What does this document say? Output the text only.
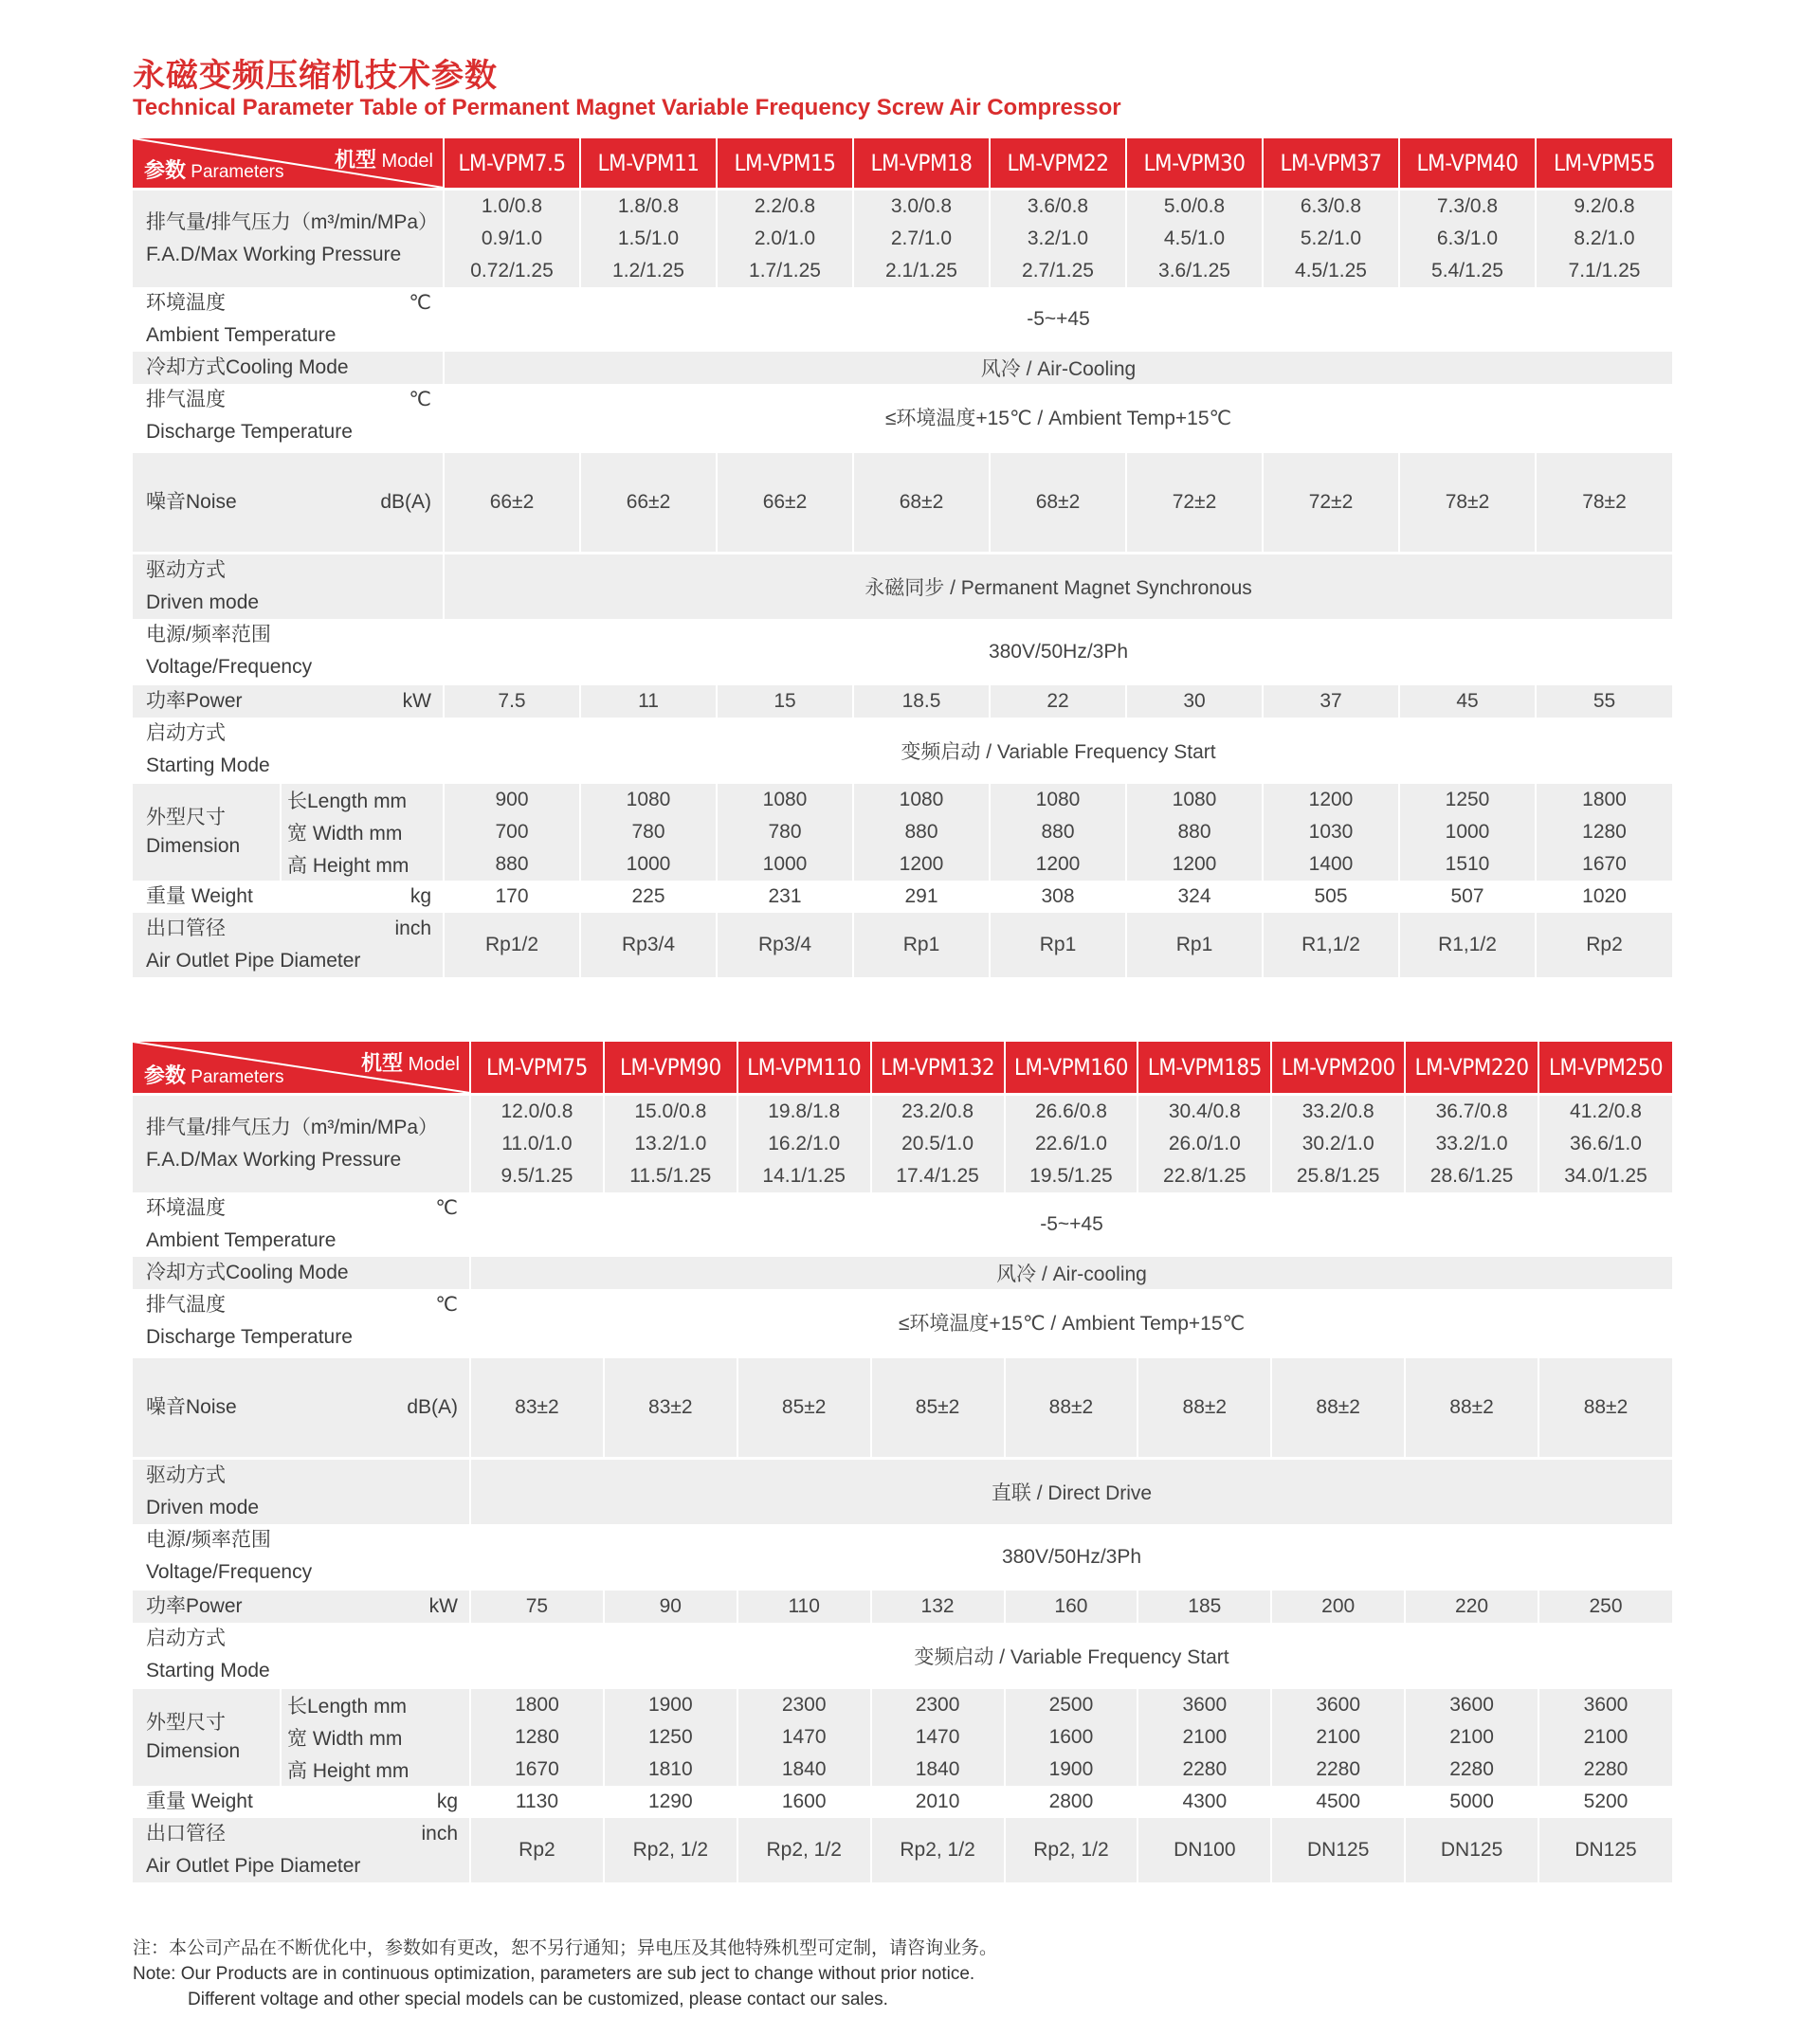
永磁变频压缩机技术参数
Technical Parameter Table of Permanent Magnet Variable Frequency Screw Air Compressor
机型 Model
参数 Parameters		LM-VPM7.5	LM-VPM11	LM-VPM15	LM-VPM18	LM-VPM22	LM-VPM30	LM-VPM37	LM-VPM40	LM-VPM55

排气量/排气压力（m³/min/MPa）
F.A.D/Max Working Pressure		1.0/0.8	1.8/0.8	2.2/0.8	3.0/0.8	3.6/0.8	5.0/0.8	6.3/0.8	7.3/0.8	9.2/0.8
		0.9/1.0	1.5/1.0	2.0/1.0	2.7/1.0	3.2/1.0	4.5/1.0	5.2/1.0	6.3/1.0	8.2/1.0
		0.72/1.25	1.2/1.25	1.7/1.25	2.1/1.25	2.7/1.25	3.6/1.25	4.5/1.25	5.4/1.25	7.1/1.25

℃
环境温度
Ambient Temperature		-5~+45								
冷却方式Cooling Mode		风冷 / Air-Cooling								

℃
排气温度
Discharge Temperature		≤环境温度+15℃ / Ambient Temp+15℃								

dB(A)
噪音Noise		66±2	66±2	66±2	68±2	68±2	72±2	72±2	78±2	78±2

驱动方式
Driven mode		永磁同步 / Permanent Magnet Synchronous								

电源/频率范围
Voltage/Frequency		380V/50Hz/3Ph								

kW
功率Power		7.5	11	15	18.5	22	30	37	45	55

启动方式
Starting Mode		变频启动 / Variable Frequency Start								

外型尺寸
Dimension	长Length mm	900	1080	1080	1080	1080	1080	1200	1250	1800
	宽 Width mm	700	780	780	880	880	880	1030	1000	1280
	高 Height mm	880	1000	1000	1200	1200	1200	1400	1510	1670

kg
重量 Weight		170	225	231	291	308	324	505	507	1020

inch
出口管径
Air Outlet Pipe Diameter		Rp1/2	Rp3/4	Rp3/4	Rp1	Rp1	Rp1	R1,1/2	R1,1/2	Rp2
机型 Model
参数 Parameters		LM-VPM75	LM-VPM90	LM-VPM110	LM-VPM132	LM-VPM160	LM-VPM185	LM-VPM200	LM-VPM220	LM-VPM250

排气量/排气压力（m³/min/MPa）
F.A.D/Max Working Pressure		12.0/0.8	15.0/0.8	19.8/1.8	23.2/0.8	26.6/0.8	30.4/0.8	33.2/0.8	36.7/0.8	41.2/0.8
		11.0/1.0	13.2/1.0	16.2/1.0	20.5/1.0	22.6/1.0	26.0/1.0	30.2/1.0	33.2/1.0	36.6/1.0
		9.5/1.25	11.5/1.25	14.1/1.25	17.4/1.25	19.5/1.25	22.8/1.25	25.8/1.25	28.6/1.25	34.0/1.25

℃
环境温度
Ambient Temperature		-5~+45								
冷却方式Cooling Mode		风冷 / Air-cooling								

℃
排气温度
Discharge Temperature		≤环境温度+15℃ / Ambient Temp+15℃								

dB(A)
噪音Noise		83±2	83±2	85±2	85±2	88±2	88±2	88±2	88±2	88±2

驱动方式
Driven mode		直联 / Direct Drive								

电源/频率范围
Voltage/Frequency		380V/50Hz/3Ph								

kW
功率Power		75	90	110	132	160	185	200	220	250

启动方式
Starting Mode		变频启动 / Variable Frequency Start								

外型尺寸
Dimension	长Length mm	1800	1900	2300	2300	2500	3600	3600	3600	3600
	宽 Width mm	1280	1250	1470	1470	1600	2100	2100	2100	2100
	高 Height mm	1670	1810	1840	1840	1900	2280	2280	2280	2280

kg
重量 Weight		1130	1290	1600	2010	2800	4300	4500	5000	5200

inch
出口管径
Air Outlet Pipe Diameter		Rp2	Rp2, 1/2	Rp2, 1/2	Rp2, 1/2	Rp2, 1/2	DN100	DN125	DN125	DN125
注：本公司产品在不断优化中，参数如有更改，恕不另行通知；异电压及其他特殊机型可定制，请咨询业务。
Note: Our Products are in continuous optimization, parameters are sub ject to change without prior notice.
Different voltage and other special models can be customized, please contact our sales.
